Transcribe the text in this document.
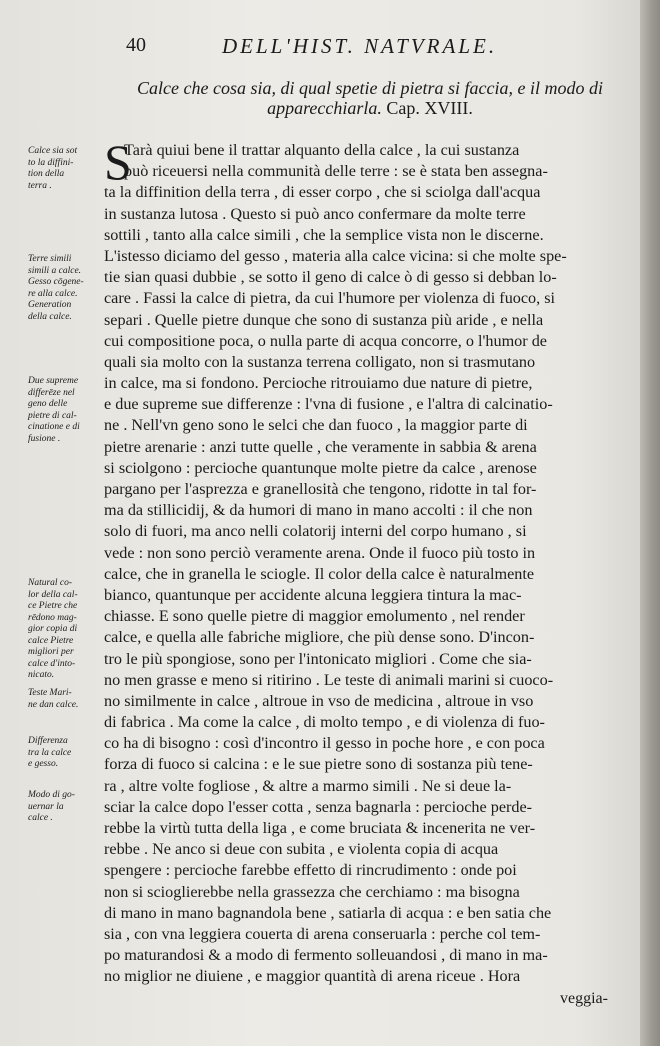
40	DELL'HIST. NATVRALE.
Calce che cosa sia, di qual spetie di pietra si faccia, e il modo di
apparecchiarla. Cap. XVIII.
Calce sia sot
to la diffini-
tion della
terra .
Terre simili
simili a calce.
Gesso cōgene-
re alla calce.
Generation
della calce.
Due supreme
differēze nel
geno delle
pietre di cal-
cinatione e di
fusione .
Natural co-
lor della cal-
ce Pietre che
rēdono mag-
gior copia di
calce Pietre
migliori per
calce d'into-
nicato.
Teste Mari-
ne dan calce.
Differenza
tra la calce
e gesso.
Modo di go-
uernar la
calce .
S
Tarà quiui bene il trattar alquanto della calce , la cui sustanza
può riceuersi nella communità delle terre : se è stata ben assegna-
ta la diffinition della terra , di esser corpo , che si sciolga dall'acqua
in sustanza lutosa . Questo si può anco confermare da molte terre
sottili , tanto alla calce simili , che la semplice vista non le discerne.
L'istesso diciamo del gesso , materia alla calce vicina: si che molte spe-
tie sian quasi dubbie , se sotto il geno di calce ò di gesso si debban lo-
care . Fassi la calce di pietra, da cui l'humore per violenza di fuoco, si
separi . Quelle pietre dunque che sono di sustanza più aride , e nella
cui compositione poca, o nulla parte di acqua concorre, o l'humor de
quali sia molto con la sustanza terrena colligato, non si trasmutano
in calce, ma si fondono. Percioche ritrouiamo due nature di pietre,
e due supreme sue differenze : l'vna di fusione , e l'altra di calcinatio-
ne . Nell'vn geno sono le selci che dan fuoco , la maggior parte di
pietre arenarie : anzi tutte quelle , che veramente in sabbia & arena
si sciolgono : percioche quantunque molte pietre da calce , arenose
pargano per l'asprezza e granellosità che tengono, ridotte in tal for-
ma da stillicidij, & da humori di mano in mano accolti : il che non
solo di fuori, ma anco nelli colatorij interni del corpo humano , si
vede : non sono perciò veramente arena. Onde il fuoco più tosto in
calce, che in granella le sciogle. Il color della calce è naturalmente
bianco, quantunque per accidente alcuna leggiera tintura la mac-
chiasse. E sono quelle pietre di maggior emolumento , nel render
calce, e quella alle fabriche migliore, che più dense sono. D'incon-
tro le più spongiose, sono per l'intonicato migliori . Come che sia-
no men grasse e meno si ritirino . Le teste di animali marini si cuoco-
no similmente in calce , altroue in vso de medicina , altroue in vso
di fabrica . Ma come la calce , di molto tempo , e di violenza di fuo-
co ha di bisogno : così d'incontro il gesso in poche hore , e con poca
forza di fuoco si calcina : e le sue pietre sono di sostanza più tene-
ra , altre volte fogliose , & altre a marmo simili . Ne si deue la-
sciar la calce dopo l'esser cotta , senza bagnarla : percioche perde-
rebbe la virtù tutta della liga , e come bruciata & incenerita ne ver-
rebbe . Ne anco si deue con subita , e violenta copia di acqua
spengere : percioche farebbe effetto di rincrudimento : onde poi
non si scioglierebbe nella grassezza che cerchiamo : ma bisogna
di mano in mano bagnandola bene , satiarla di acqua : e ben satia che
sia , con vna leggiera couerta di arena conseruarla : perche col tem-
po maturandosi & a modo di fermento solleuandosi , di mano in ma-
no miglior ne diuiene , e maggior quantità di arena riceue . Hora
veggia-
